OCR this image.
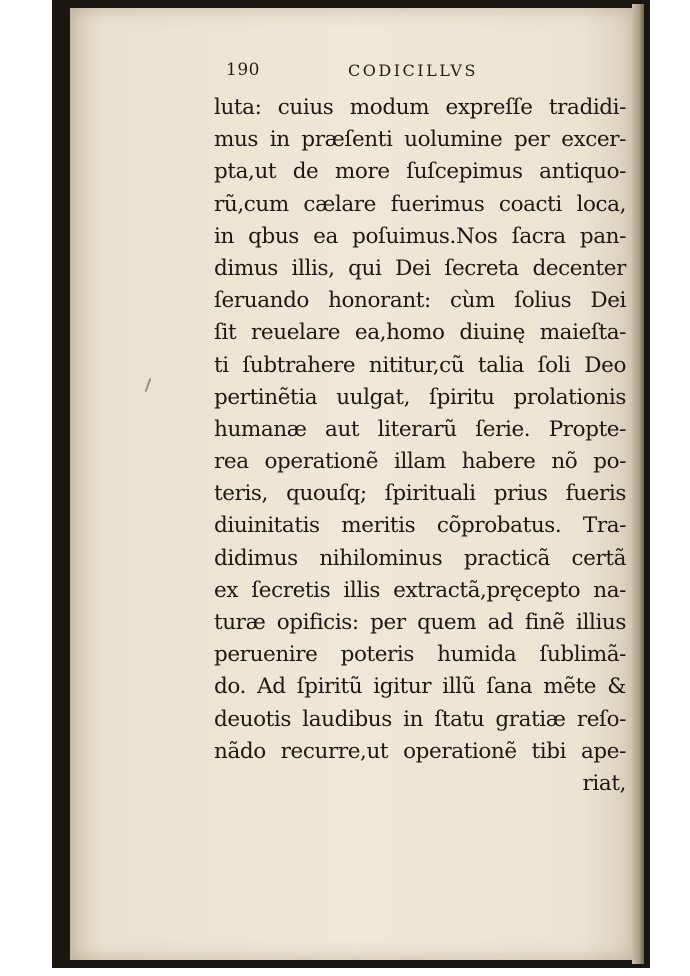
190	CODICILLVS
luta: cuius modum expreſſe tradidi-
mus in præſenti uolumine per excer-
pta,ut de more ſuſcepimus antiquo-
rũ,cum cælare fuerimus coacti loca,
in qbus ea poſuimus.Nos ſacra pan-
dimus illis, qui Dei ſecreta decenter
ſeruando honorant: cùm ſolius Dei
ſit reuelare ea,homo diuinę maieſta-
ti ſubtrahere nititur,cũ talia ſoli Deo
pertinẽtia uulgat, ſpiritu prolationis
humanæ aut literarũ ſerie. Propte-
rea operationẽ illam habere nõ po-
teris, quouſq; ſpirituali prius fueris
diuinitatis meritis cõprobatus. Tra-
didimus nihilominus practicã certã
ex ſecretis illis extractã,pręcepto na-
turæ opificis: per quem ad finẽ illius
peruenire poteris humida ſublimã-
do. Ad ſpiritũ igitur illũ ſana mẽte &
deuotis laudibus in ſtatu gratiæ reſo-
nãdo recurre,ut operationẽ tibi ape-
riat,
